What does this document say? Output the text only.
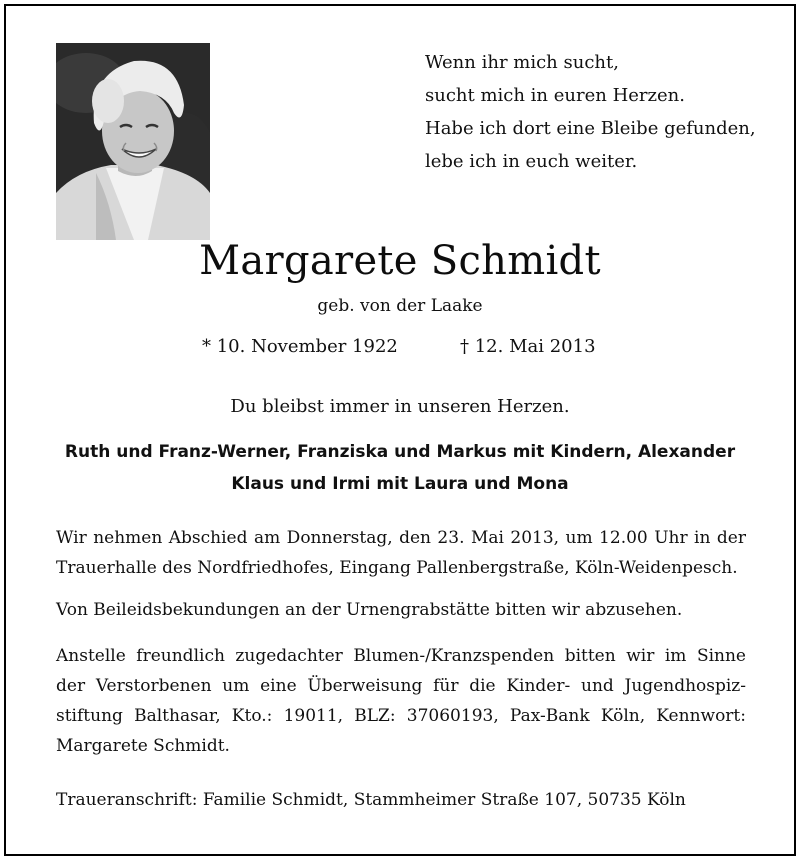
Wenn ihr mich sucht,
sucht mich in euren Herzen.
Habe ich dort eine Bleibe gefunden,
lebe ich in euch weiter.
Margarete Schmidt
geb. von der Laake
* 10. November 1922	† 12. Mai 2013
Du bleibst immer in unseren Herzen.
Ruth und Franz-Werner, Franziska und Markus mit Kindern, Alexander
Klaus und Irmi mit Laura und Mona
Wir nehmen Abschied am Donnerstag, den 23. Mai 2013, um 12.00 Uhr in der
Trauerhalle des Nordfriedhofes, Eingang Pallenbergstraße, Köln-Weidenpesch.
Von Beileidsbekundungen an der Urnengrabstätte bitten wir abzusehen.
Anstelle freundlich zugedachter Blumen-/Kranzspenden bitten wir im Sinne
der Verstorbenen um eine Überweisung für die Kinder- und Jugendhospiz-
stiftung Balthasar, Kto.: 19011, BLZ: 37060193, Pax-Bank Köln, Kennwort:
Margarete Schmidt.
Traueranschrift: Familie Schmidt, Stammheimer Straße 107, 50735 Köln
